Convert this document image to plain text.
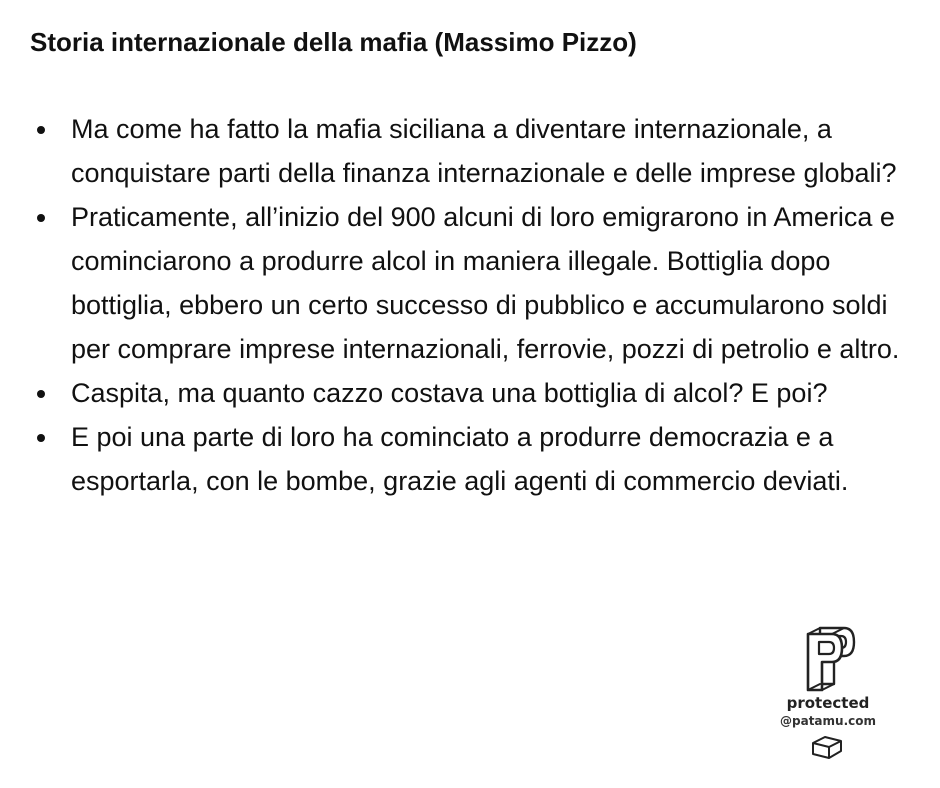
Storia internazionale della mafia (Massimo Pizzo)
Ma come ha fatto la mafia siciliana a diventare internazionale, a conquistare parti della finanza internazionale e delle imprese globali?
Praticamente, all’inizio del 900 alcuni di loro emigrarono in America e cominciarono a produrre alcol in maniera illegale. Bottiglia dopo bottiglia, ebbero un certo successo di pubblico e accumularono soldi per comprare imprese internazionali, ferrovie, pozzi di petrolio e altro.
Caspita, ma quanto cazzo costava una bottiglia di alcol? E poi?
E poi una parte di loro ha cominciato a produrre democrazia e a esportarla, con le bombe, grazie agli agenti di commercio deviati.
protected
@patamu.com
